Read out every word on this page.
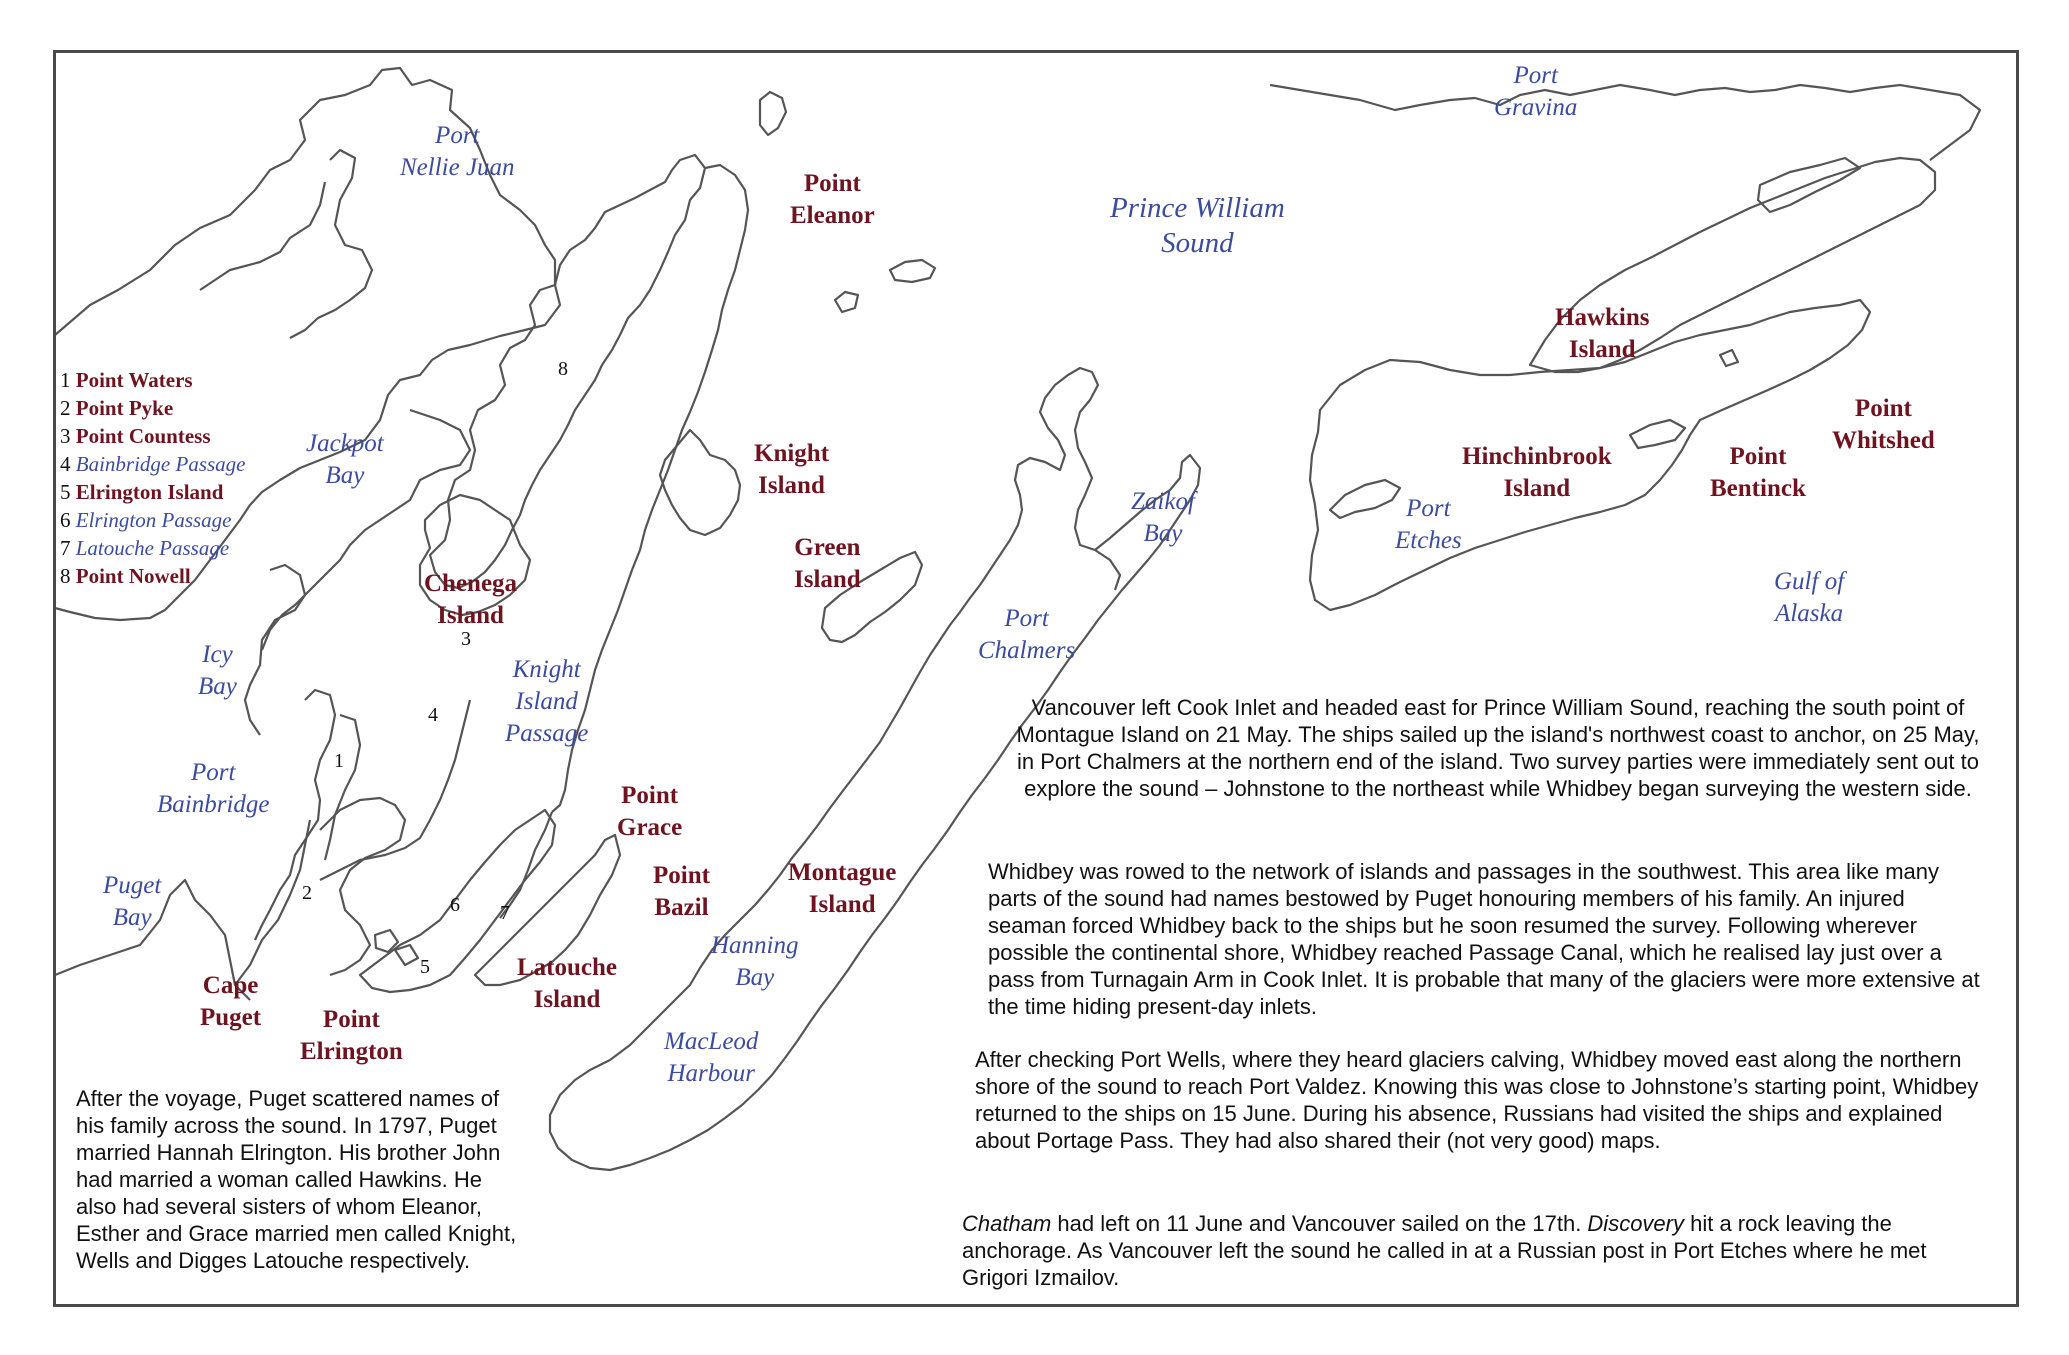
Port
Nellie Juan
Point
Eleanor	Prince William
Sound
Port
Gravina
Hawkins
Island
Point
Whitshed
Hinchinbrook
Island
Point
Bentinck
Port
Etches
Gulf of
Alaska
Jackpot
Bay
Knight
Island
Green
Island
Zaikof
Bay
Chenega
Island	Port
Chalmers
Icy
Bay
Knight
Island
Passage
Port
Bainbridge	Point
Grace
Puget
Bay
Point
Bazil
Montague
Island
Hanning
Bay
Cape
Puget	Point
Elrington
Latouche
Island
MacLeod
Harbour
8
3
4
1
2
6 7
5
1 Point Waters
2 Point Pyke
3 Point Countess
4 Bainbridge Passage
5 Elrington Island
6 Elrington Passage
7 Latouche Passage
8 Point Nowell
Vancouver left Cook Inlet and headed east for Prince William Sound, reaching the south point of Montague Island on 21 May. The ships sailed up the island's northwest coast to anchor, on 25 May, in Port Chalmers at the northern end of the island. Two survey parties were immediately sent out to explore the sound – Johnstone to the northeast while Whidbey began surveying the western side.
Whidbey was rowed to the network of islands and passages in the southwest. This area like many parts of the sound had names bestowed by Puget honouring members of his family. An injured seaman forced Whidbey back to the ships but he soon resumed the survey. Following wherever possible the continental shore, Whidbey reached Passage Canal, which he realised lay just over a pass from Turnagain Arm in Cook Inlet. It is probable that many of the glaciers were more extensive at the time hiding present-day inlets.
After checking Port Wells, where they heard glaciers calving, Whidbey moved east along the northern shore of the sound to reach Port Valdez. Knowing this was close to Johnstone’s starting point, Whidbey returned to the ships on 15 June. During his absence, Russians had visited the ships and explained about Portage Pass. They had also shared their (not very good) maps.
Chatham had left on 11 June and Vancouver sailed on the 17th. Discovery hit a rock leaving the anchorage. As Vancouver left the sound he called in at a Russian post in Port Etches where he met Grigori Izmailov.
After the voyage, Puget scattered names of his family across the sound. In 1797, Puget married Hannah Elrington. His brother John had married a woman called Hawkins. He also had several sisters of whom Eleanor, Esther and Grace married men called Knight, Wells and Digges Latouche respectively.
